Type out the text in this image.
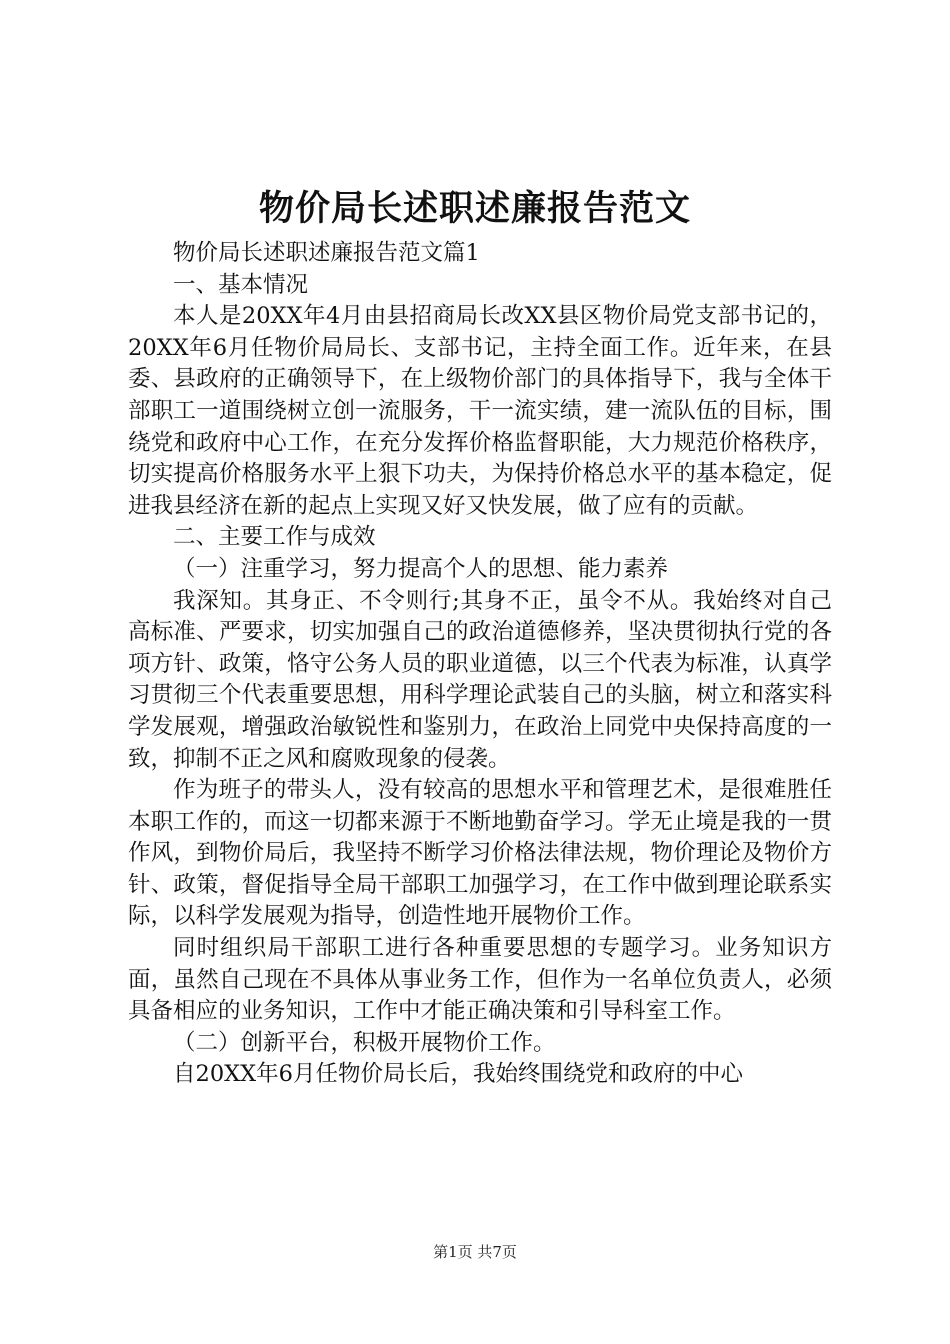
物价局长述职述廉报告范文

物价局长述职述廉报告范文篇1

一、基本情况

本人是20XX年4月由县招商局长改XX县区物价局党支部书记的，20XX年6月任物价局局长、支部书记，主持全面工作。近年来，在县委、县政府的正确领导下，在上级物价部门的具体指导下，我与全体干部职工一道围绕树立创一流服务，干一流实绩，建一流队伍的目标，围绕党和政府中心工作，在充分发挥价格监督职能，大力规范价格秩序，切实提高价格服务水平上狠下功夫，为保持价格总水平的基本稳定，促进我县经济在新的起点上实现又好又快发展，做了应有的贡献。

二、主要工作与成效

（一）注重学习，努力提高个人的思想、能力素养

我深知。其身正、不令则行;其身不正，虽令不从。我始终对自己高标准、严要求，切实加强自己的政治道德修养，坚决贯彻执行党的各项方针、政策，恪守公务人员的职业道德，以三个代表为标准，认真学习贯彻三个代表重要思想，用科学理论武装自己的头脑，树立和落实科学发展观，增强政治敏锐性和鉴别力，在政治上同党中央保持高度的一致，抑制不正之风和腐败现象的侵袭。

作为班子的带头人，没有较高的思想水平和管理艺术，是很难胜任本职工作的，而这一切都来源于不断地勤奋学习。学无止境是我的一贯作风，到物价局后，我坚持不断学习价格法律法规，物价理论及物价方针、政策，督促指导全局干部职工加强学习，在工作中做到理论联系实际，以科学发展观为指导，创造性地开展物价工作。

同时组织局干部职工进行各种重要思想的专题学习。业务知识方面，虽然自己现在不具体从事业务工作，但作为一名单位负责人，必须具备相应的业务知识，工作中才能正确决策和引导科室工作。

（二）创新平台，积极开展物价工作。

自20XX年6月任物价局长后，我始终围绕党和政府的中心

第1页 共7页
